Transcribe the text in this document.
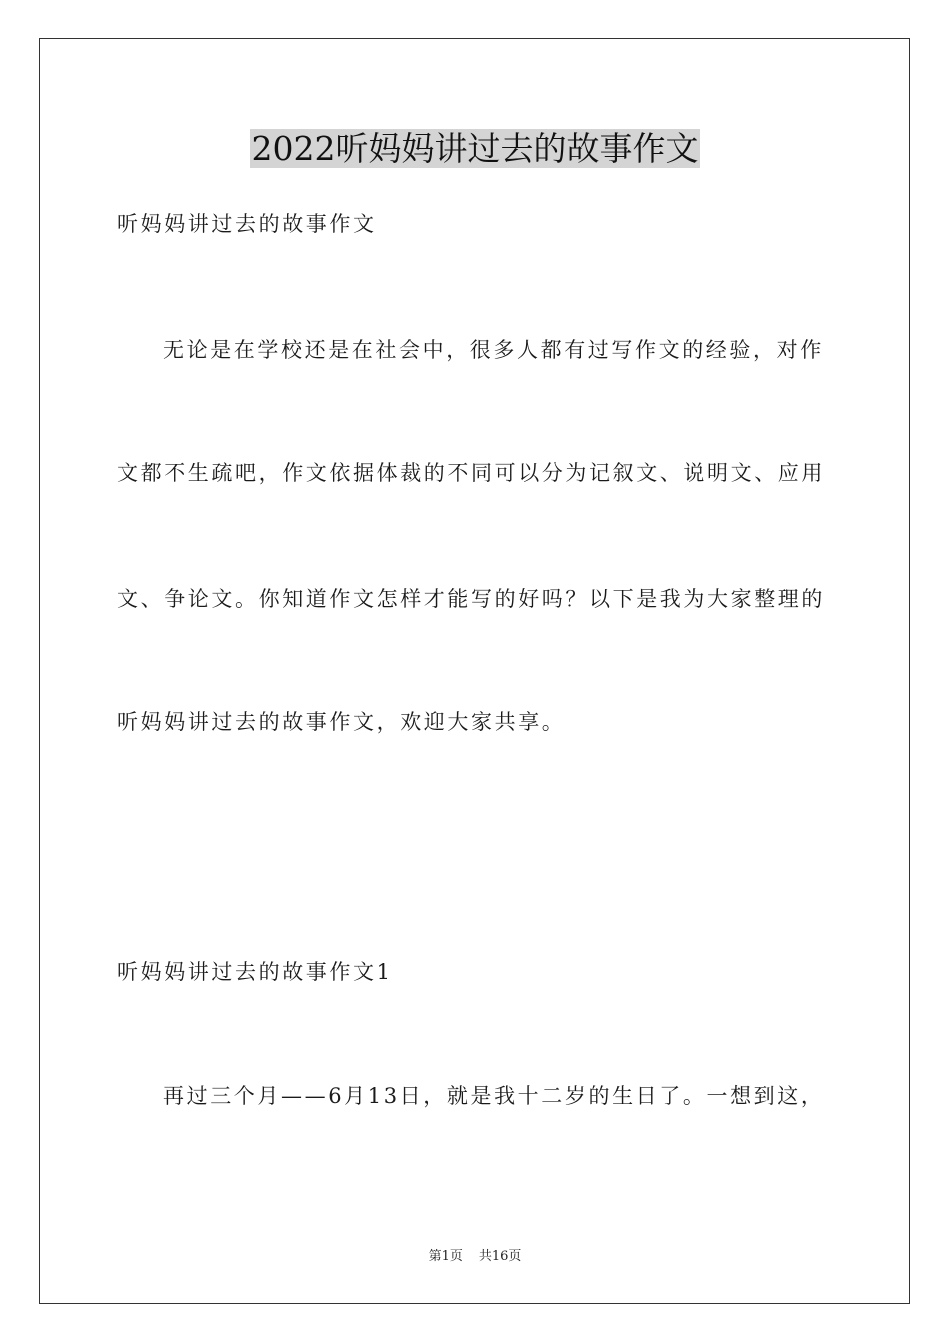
2022听妈妈讲过去的故事作文
听妈妈讲过去的故事作文
无论是在学校还是在社会中，很多人都有过写作文的经验，对作
文都不生疏吧，作文依据体裁的不同可以分为记叙文、说明文、应用
文、争论文。你知道作文怎样才能写的好吗？以下是我为大家整理的
听妈妈讲过去的故事作文，欢迎大家共享。
听妈妈讲过去的故事作文1
再过三个月——6月13日，就是我十二岁的生日了。一想到这，
第1页 共16页
